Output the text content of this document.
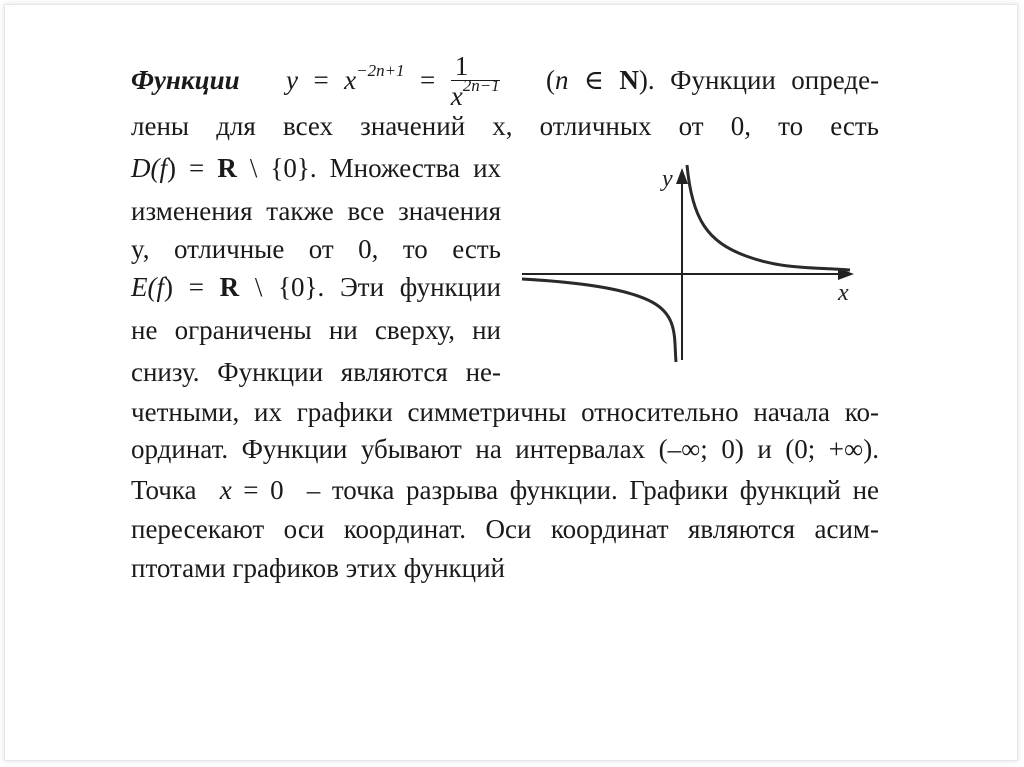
Функции $y = x^{-2n+1} = \frac{1}{x^{2n-1}} (n$ ∈ N). Функции опреде-
лены для всех значений x, отличных от 0, то есть
D(f) = R \ {0}. Множества их
изменения также все значения
y, отличные от 0, то есть
E(f) = R \ {0}. Эти функции
не ограничены ни сверху, ни
снизу. Функции являются не-
четными, их графики симметричны относительно начала ко-
ординат. Функции убывают на интервалах (–∞; 0) и (0; +∞).
Точка x = 0 – точка разрыва функции. Графики функций не
пересекают оси координат. Оси координат являются асим-
птотами графиков этих функций
x
y
